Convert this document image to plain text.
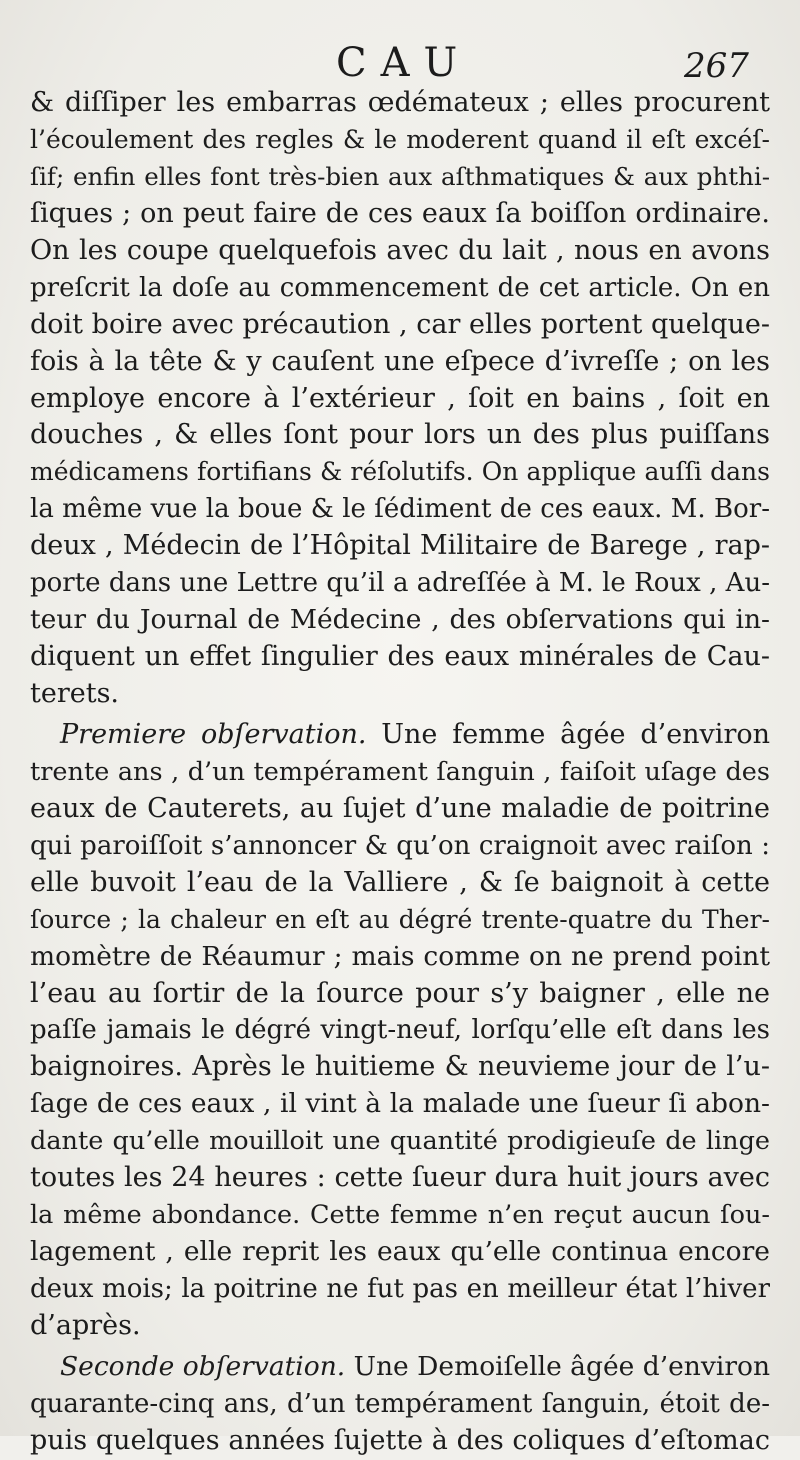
CAU	267
& diſſiper les embarras œdémateux ; elles procurent
l’écoulement des regles & le moderent quand il eſt excéſ-
ſif; enfin elles font très-bien aux aſthmatiques & aux phthi-
ſiques ; on peut faire de ces eaux ſa boiſſon ordinaire.
On les coupe quelquefois avec du lait , nous en avons
preſcrit la doſe au commencement de cet article. On en
doit boire avec précaution , car elles portent quelque-
fois à la tête & y cauſent une eſpece d’ivreſſe ; on les
employe encore à l’extérieur , ſoit en bains , ſoit en
douches , & elles ſont pour lors un des plus puiſſans
médicamens fortifians & réſolutifs. On applique auſſi dans
la même vue la boue & le ſédiment de ces eaux. M. Bor-
deux , Médecin de l’Hôpital Militaire de Barege , rap-
porte dans une Lettre qu’il a adreſſée à M. le Roux , Au-
teur du Journal de Médecine , des obſervations qui in-
diquent un effet ſingulier des eaux minérales de Cau-
terets.
Premiere obſervation. Une femme âgée d’environ
trente ans , d’un tempérament ſanguin , faiſoit uſage des
eaux de Cauterets, au ſujet d’une maladie de poitrine
qui paroiſſoit s’annoncer & qu’on craignoit avec raiſon :
elle buvoit l’eau de la Valliere , & ſe baignoit à cette
ſource ; la chaleur en eſt au dégré trente-quatre du Ther-
momètre de Réaumur ; mais comme on ne prend point
l’eau au ſortir de la ſource pour s’y baigner , elle ne
paſſe jamais le dégré vingt-neuf, lorſqu’elle eſt dans les
baignoires. Après le huitieme & neuvieme jour de l’u-
ſage de ces eaux , il vint à la malade une ſueur ſi abon-
dante qu’elle mouilloit une quantité prodigieuſe de linge
toutes les 24 heures : cette ſueur dura huit jours avec
la même abondance. Cette femme n’en reçut aucun ſou-
lagement , elle reprit les eaux qu’elle continua encore
deux mois; la poitrine ne fut pas en meilleur état l’hiver
d’après.
Seconde obſervation. Une Demoiſelle âgée d’environ
quarante-cinq ans, d’un tempérament ſanguin, étoit de-
puis quelques années ſujette à des coliques d’eſtomac
